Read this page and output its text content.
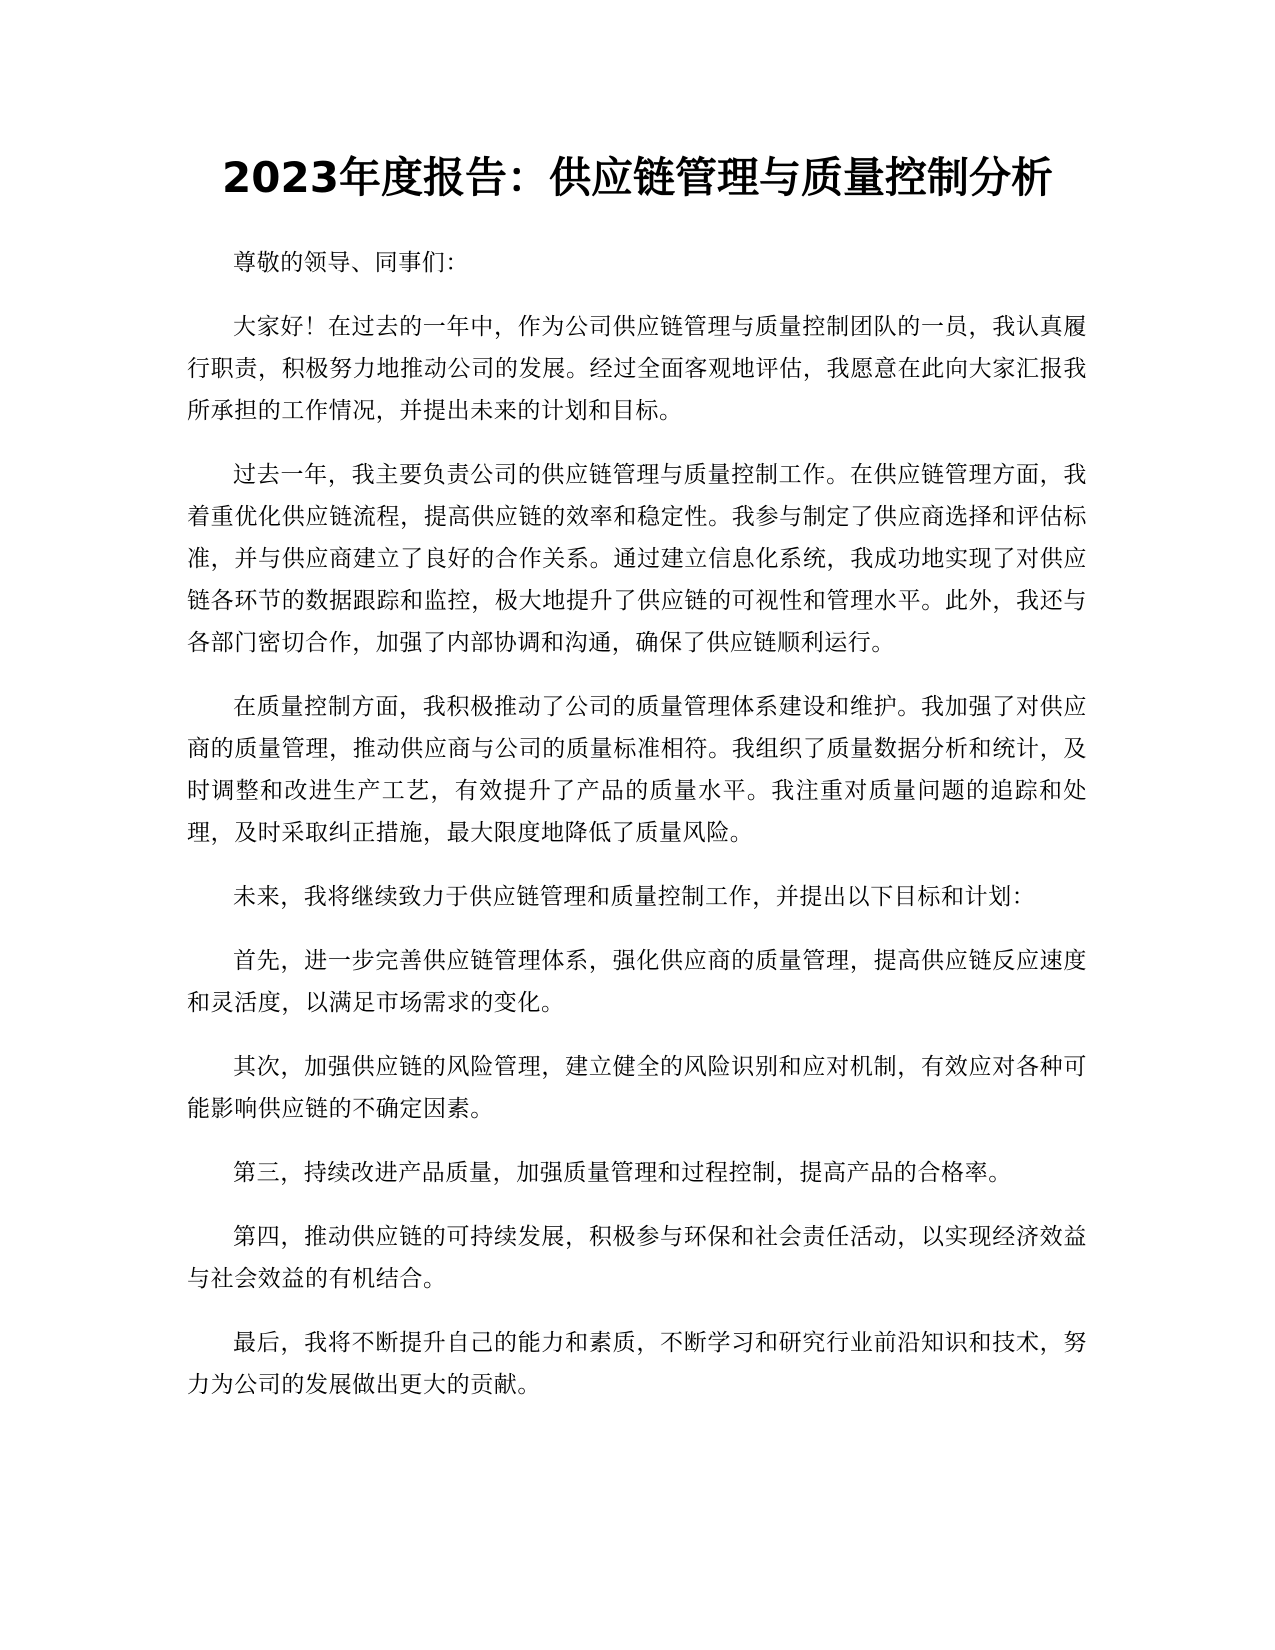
2023年度报告：供应链管理与质量控制分析

尊敬的领导、同事们：

大家好！在过去的一年中，作为公司供应链管理与质量控制团队的一员，我认真履行职责，积极努力地推动公司的发展。经过全面客观地评估，我愿意在此向大家汇报我所承担的工作情况，并提出未来的计划和目标。

过去一年，我主要负责公司的供应链管理与质量控制工作。在供应链管理方面，我着重优化供应链流程，提高供应链的效率和稳定性。我参与制定了供应商选择和评估标准，并与供应商建立了良好的合作关系。通过建立信息化系统，我成功地实现了对供应链各环节的数据跟踪和监控，极大地提升了供应链的可视性和管理水平。此外，我还与各部门密切合作，加强了内部协调和沟通，确保了供应链顺利运行。

在质量控制方面，我积极推动了公司的质量管理体系建设和维护。我加强了对供应商的质量管理，推动供应商与公司的质量标准相符。我组织了质量数据分析和统计，及时调整和改进生产工艺，有效提升了产品的质量水平。我注重对质量问题的追踪和处理，及时采取纠正措施，最大限度地降低了质量风险。

未来，我将继续致力于供应链管理和质量控制工作，并提出以下目标和计划：

首先，进一步完善供应链管理体系，强化供应商的质量管理，提高供应链反应速度和灵活度，以满足市场需求的变化。

其次，加强供应链的风险管理，建立健全的风险识别和应对机制，有效应对各种可能影响供应链的不确定因素。

第三，持续改进产品质量，加强质量管理和过程控制，提高产品的合格率。

第四，推动供应链的可持续发展，积极参与环保和社会责任活动，以实现经济效益与社会效益的有机结合。

最后，我将不断提升自己的能力和素质，不断学习和研究行业前沿知识和技术，努力为公司的发展做出更大的贡献。
